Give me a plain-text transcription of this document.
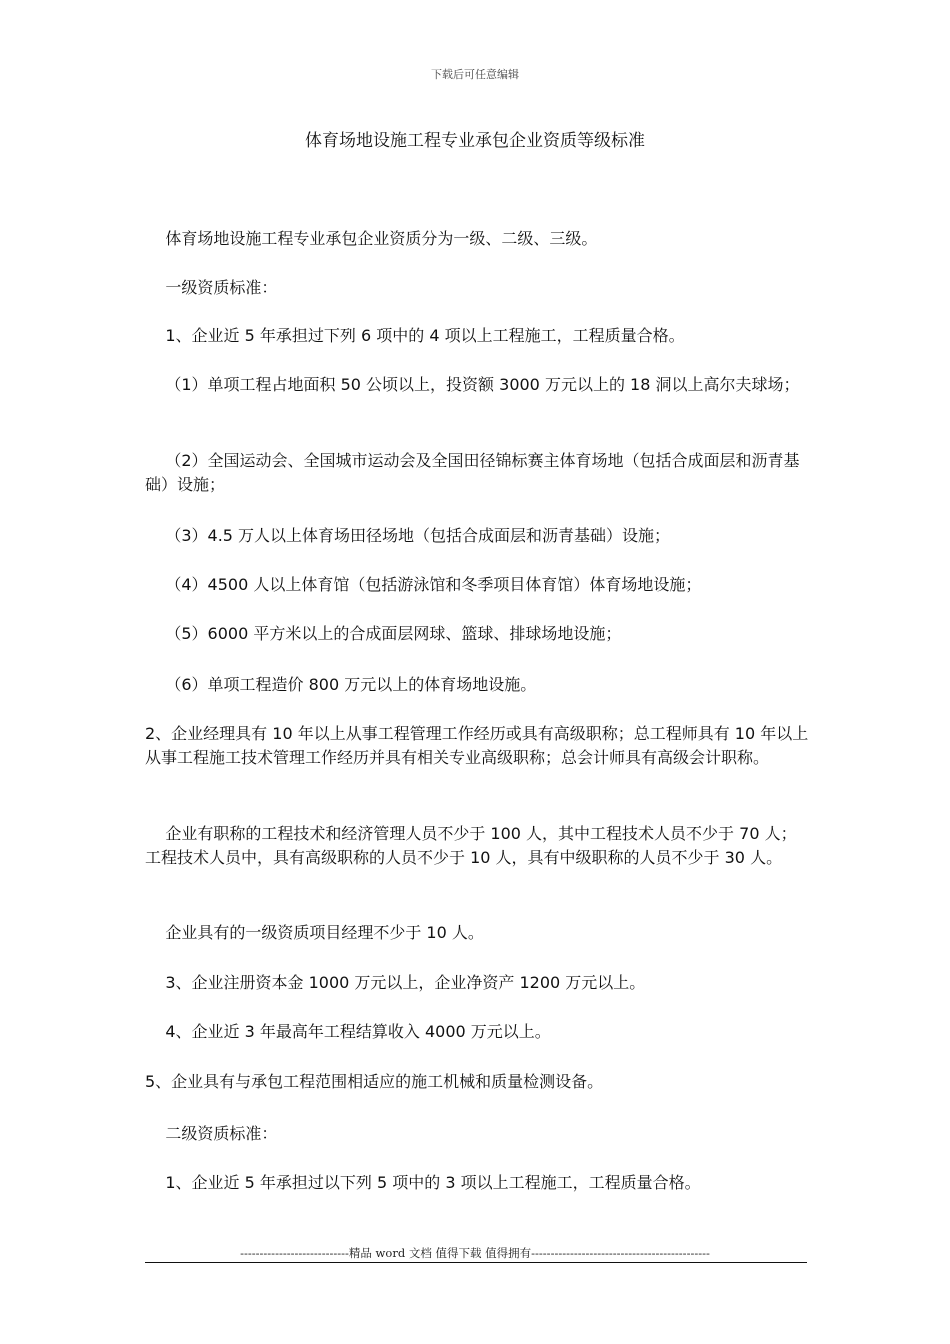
下载后可任意编辑
体育场地设施工程专业承包企业资质等级标准

体育场地设施工程专业承包企业资质分为一级、二级、三级。

一级资质标准：

1、企业近 5 年承担过下列 6 项中的 4 项以上工程施工，工程质量合格。

（1）单项工程占地面积 50 公顷以上，投资额 3000 万元以上的 18 洞以上高尔夫球场；

（2）全国运动会、全国城市运动会及全国田径锦标赛主体育场地（包括合成面层和沥青基础）设施；

（3）4.5 万人以上体育场田径场地（包括合成面层和沥青基础）设施；

（4）4500 人以上体育馆（包括游泳馆和冬季项目体育馆）体育场地设施；

（5）6000 平方米以上的合成面层网球、篮球、排球场地设施；

（6）单项工程造价 800 万元以上的体育场地设施。

2、企业经理具有 10 年以上从事工程管理工作经历或具有高级职称；总工程师具有 10 年以上从事工程施工技术管理工作经历并具有相关专业高级职称；总会计师具有高级会计职称。

企业有职称的工程技术和经济管理人员不少于 100 人，其中工程技术人员不少于 70 人；工程技术人员中，具有高级职称的人员不少于 10 人，具有中级职称的人员不少于 30 人。

企业具有的一级资质项目经理不少于 10 人。

3、企业注册资本金 1000 万元以上，企业净资产 1200 万元以上。

4、企业近 3 年最高年工程结算收入 4000 万元以上。

5、企业具有与承包工程范围相适应的施工机械和质量检测设备。

二级资质标准：

1、企业近 5 年承担过以下列 5 项中的 3 项以上工程施工，工程质量合格。

----------------------------精品 word 文档 值得下载 值得拥有----------------------------------------------
